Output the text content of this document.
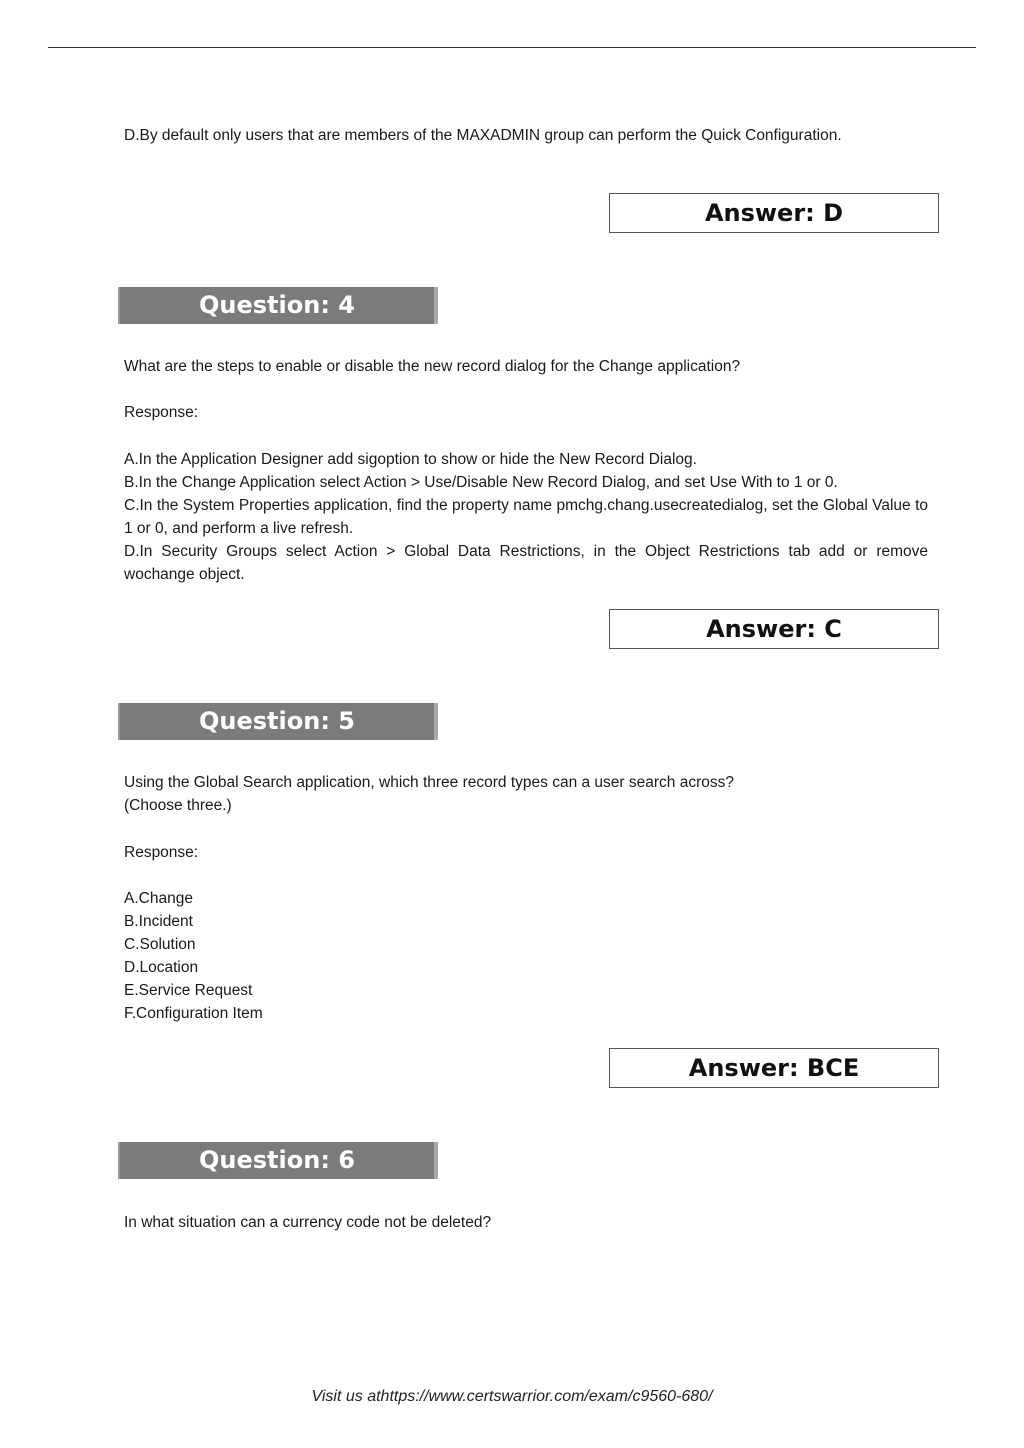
D.By default only users that are members of the MAXADMIN group can perform the Quick Configuration.

Answer: D
Question: 4

What are the steps to enable or disable the new record dialog for the Change application?

Response:

A.In the Application Designer add sigoption to show or hide the New Record Dialog.
B.In the Change Application select Action > Use/Disable New Record Dialog, and set Use With to 1 or 0.
C.In the System Properties application, find the property name pmchg.chang.usecreatedialog, set the Global Value to 1 or 0, and perform a live refresh.
D.In Security Groups select Action > Global Data Restrictions, in the Object Restrictions tab add or remove wochange object.
Answer: C
Question: 5
Using the Global Search application, which three record types can a user search across?
(Choose three.)

Response:

A.Change
B.Incident
C.Solution
D.Location
E.Service Request
F.Configuration Item
Answer: BCE
Question: 6

In what situation can a currency code not be deleted?

Visit us athttps://www.certswarrior.com/exam/c9560-680/
